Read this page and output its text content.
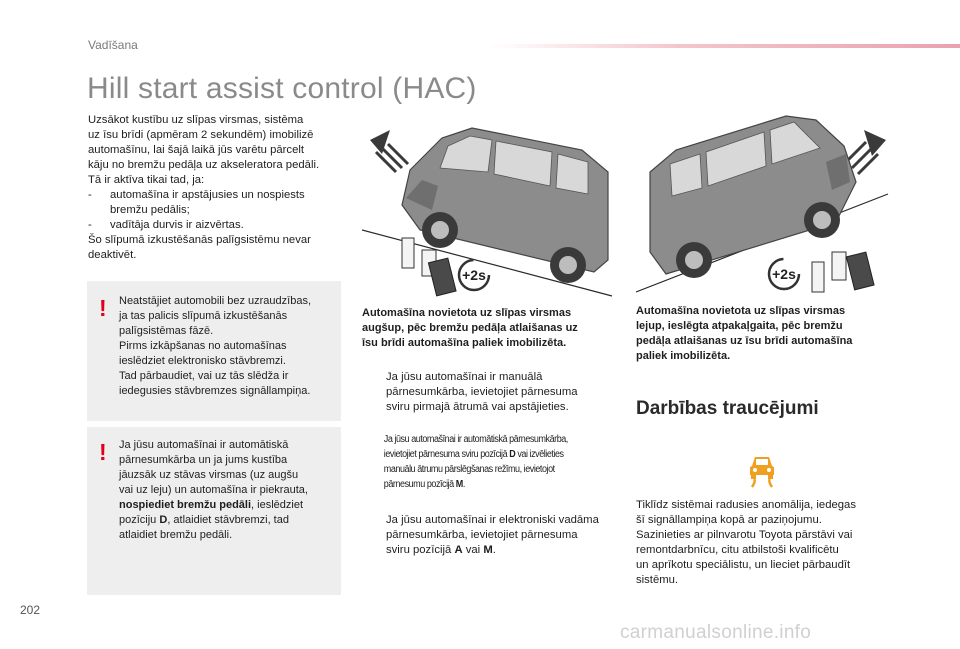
Vadīšana
Hill start assist control (HAC)
Uzsākot kustību uz slīpas virsmas, sistēma
uz īsu brīdi (apmēram 2 sekundēm) imobilizē
automašīnu, lai šajā laikā jūs varētu pārcelt
kāju no bremžu pedāļa uz akseleratora pedāli.
Tā ir aktīva tikai tad, ja:
-	automašīna ir apstājusies un nospiests
bremžu pedālis;
-	vadītāja durvis ir aizvērtas.
Šo slīpumā izkustēšanās palīgsistēmu nevar
deaktivēt.
! Neatstājiet automobili bez uzraudzības,
ja tas palicis slīpumā izkustēšanās
palīgsistēmas fāzē.
Pirms izkāpšanas no automašīnas
ieslēdziet elektronisko stāvbremzi.
Tad pārbaudiet, vai uz tās slēdža ir
iedegusies stāvbremzes signāllampiņa.
! Ja jūsu automašīnai ir automātiskā
pārnesumkārba un ja jums kustība
jāuzsāk uz stāvas virsmas (uz augšu
vai uz leju) un automašīna ir piekrauta,
nospiediet bremžu pedāli, ieslēdziet
pozīciju D, atlaidiet stāvbremzi, tad
atlaidiet bremžu pedāli.
+2s	+2s
Automašīna novietota uz slīpas virsmas
augšup, pēc bremžu pedāļa atlaišanas uz
īsu brīdi automašīna paliek imobilizēta.
Automašīna novietota uz slīpas virsmas
lejup, ieslēgta atpakaļgaita, pēc bremžu
pedāļa atlaišanas uz īsu brīdi automašīna
paliek imobilizēta.
Ja jūsu automašīnai ir manuālā
pārnesumkārba, ievietojiet pārnesuma
sviru pirmajā ātrumā vai apstājieties.
Ja jūsu automašīnai ir automātiskā pārnesumkārba,
ievietojiet pārnesuma sviru pozīcijā D vai izvēlieties
manuālu ātrumu pārslēgšanas režīmu, ievietojot
pārnesumu pozīcijā M.
Ja jūsu automašīnai ir elektroniski vadāma
pārnesumkārba, ievietojiet pārnesuma
sviru pozīcijā A vai M.
Darbības traucējumi
Tiklīdz sistēmai radusies anomālija, iedegas
šī signāllampiņa kopā ar paziņojumu.
Sazinieties ar pilnvarotu Toyota pārstāvi vai
remontdarbnīcu, citu atbilstoši kvalificētu
un aprīkotu speciālistu, un lieciet pārbaudīt
sistēmu.
202
carmanualsonline.info
